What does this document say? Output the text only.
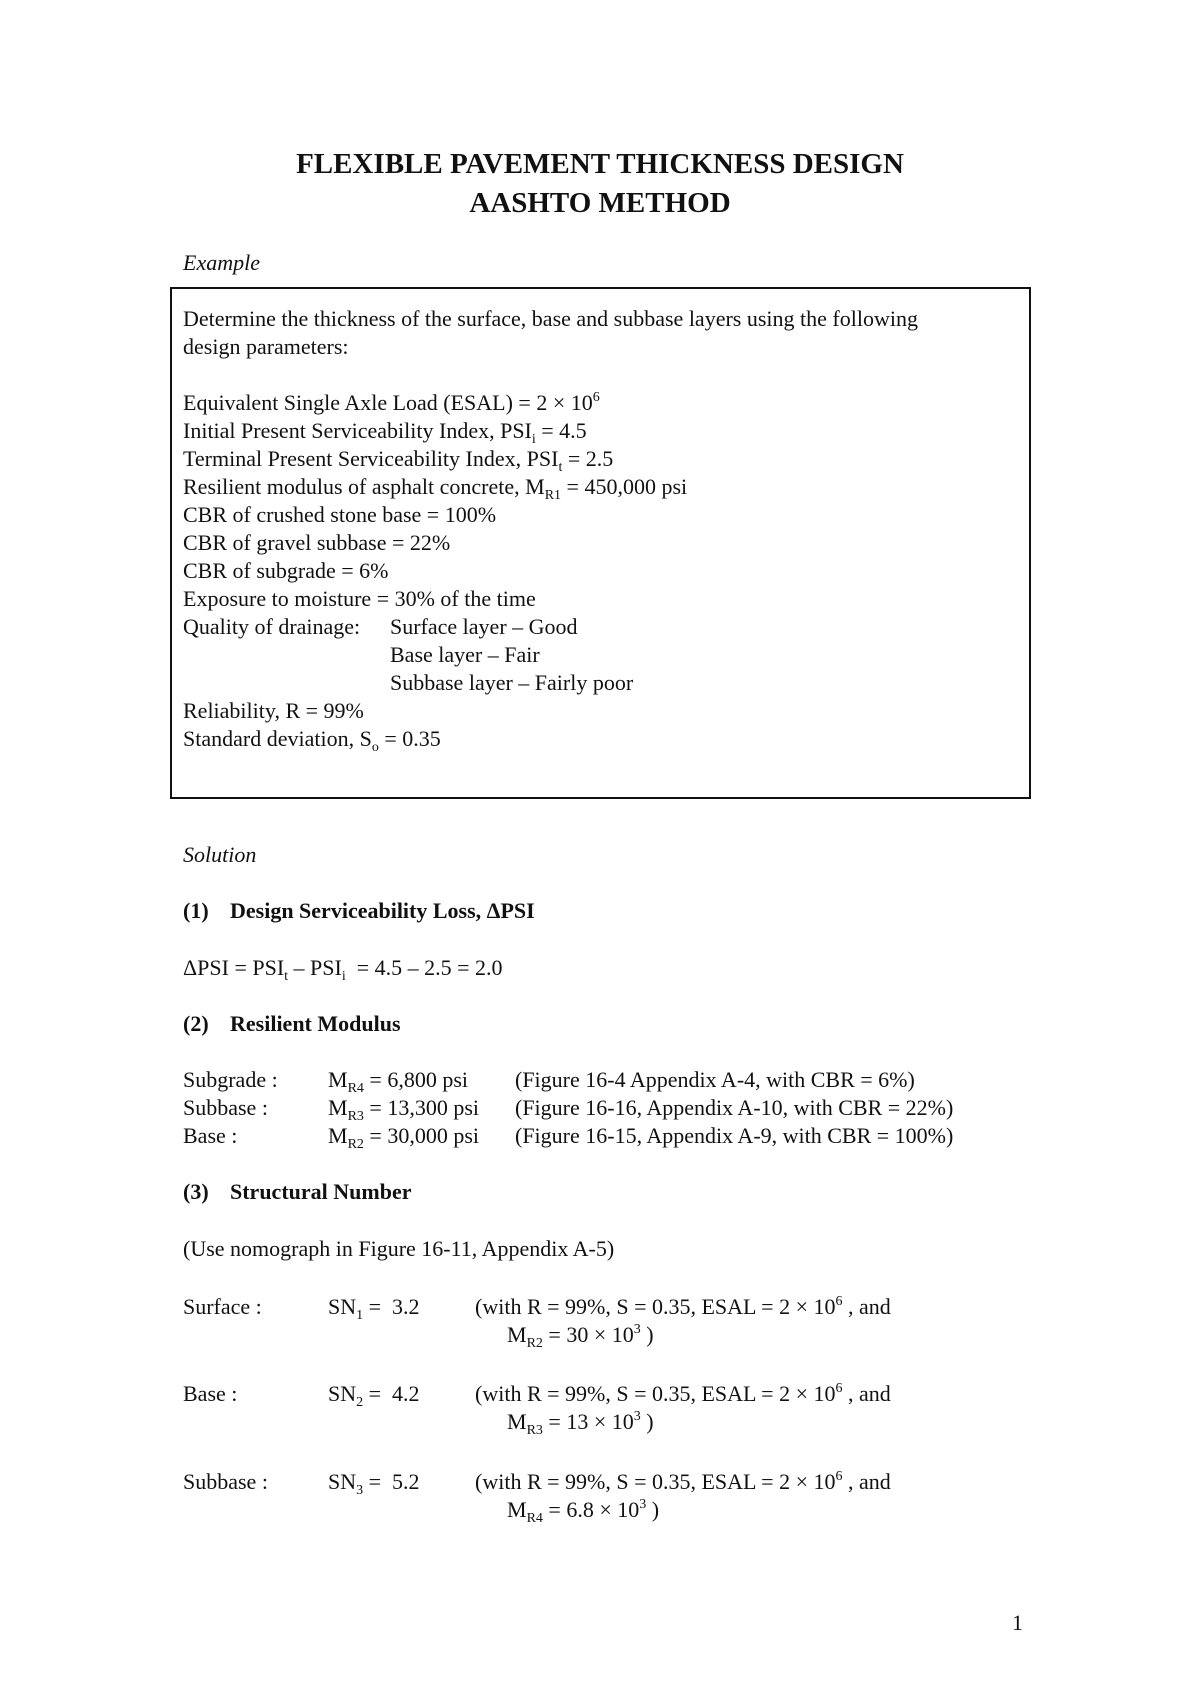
FLEXIBLE PAVEMENT THICKNESS DESIGN
AASHTO METHOD
Example
Determine the thickness of the surface, base and subbase layers using the following
design parameters:
Equivalent Single Axle Load (ESAL) = $2 \times 10^6$
Initial Present Serviceability Index, $PSI_i = 4.5$
Terminal Present Serviceability Index, $PSI_t = 2.5$
Resilient modulus of asphalt concrete, $M_{R1} = 450,000$ psi
CBR of crushed stone base = 100%
CBR of gravel subbase = 22%
CBR of subgrade = 6%
Exposure to moisture = 30% of the time
Quality of drainage: Surface layer – Good
Base layer – Fair
Subbase layer – Fairly poor
Reliability, R = 99%
Standard deviation, $S_o = 0.35$
Solution
(1) Design Serviceability Loss, ΔPSI
$\Delta PSI = PSI_t - PSI_i = 4.5 - 2.5 = 2.0$
(2) Resilient Modulus
Subgrade : $M_{R4} = 6,800$ psi (Figure 16-4 Appendix A-4, with CBR = 6%)
Subbase :	$M_{R3} = 13,300$ psi (Figure 16-16, Appendix A-10, with CBR = 22%)
Base :	$M_{R2} = 30,000$ psi (Figure 16-15, Appendix A-9, with CBR = 100%)
(3) Structural Number
(Use nomograph in Figure 16-11, Appendix A-5)
Surface :	$SN_1 = 3.2$	(with R = 99%, S = 0.35, ESAL = $2 \times 10^6$ , and
$M_{R2} = 30 \times 10^3$ )
Base :	$SN_2 = 4.2$	(with R = 99%, S = 0.35, ESAL = $2 \times 10^6$ , and
$M_{R3} = 13 \times 10^3$ )
Subbase :	$SN_3 = 5.2$	(with R = 99%, S = 0.35, ESAL = $2 \times 10^6$ , and
$M_{R4} = 6.8 \times 10^3$ )
1
